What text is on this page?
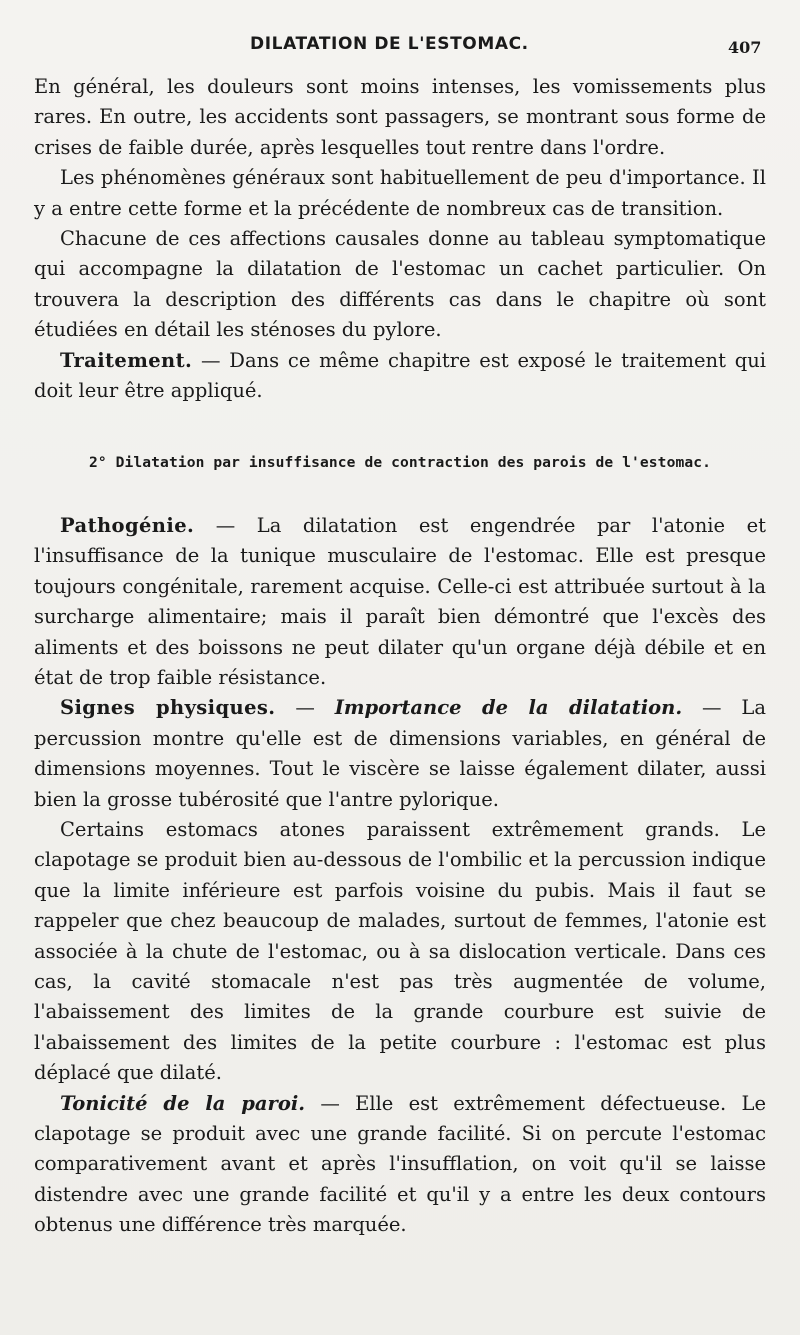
DILATATION DE L'ESTOMAC.	407

En général, les douleurs sont moins intenses, les vomissements plus rares. En outre, les accidents sont passagers, se montrant sous forme de crises de faible durée, après lesquelles tout rentre dans l'ordre.

Les phénomènes généraux sont habituellement de peu d'importance. Il y a entre cette forme et la précédente de nombreux cas de transition.

Chacune de ces affections causales donne au tableau symptomatique qui accompagne la dilatation de l'estomac un cachet particulier. On trouvera la description des différents cas dans le chapitre où sont étudiées en détail les sténoses du pylore.

Traitement. — Dans ce même chapitre est exposé le traitement qui doit leur être appliqué.

2° Dilatation par insuffisance de contraction des parois de l'estomac.

Pathogénie. — La dilatation est engendrée par l'atonie et l'insuffisance de la tunique musculaire de l'estomac. Elle est presque toujours congénitale, rarement acquise. Celle-ci est attribuée surtout à la surcharge alimentaire; mais il paraît bien démontré que l'excès des aliments et des boissons ne peut dilater qu'un organe déjà débile et en état de trop faible résistance.

Signes physiques. — Importance de la dilatation. — La percussion montre qu'elle est de dimensions variables, en général de dimensions moyennes. Tout le viscère se laisse également dilater, aussi bien la grosse tubérosité que l'antre pylorique.

Certains estomacs atones paraissent extrêmement grands. Le clapotage se produit bien au-dessous de l'ombilic et la percussion indique que la limite inférieure est parfois voisine du pubis. Mais il faut se rappeler que chez beaucoup de malades, surtout de femmes, l'atonie est associée à la chute de l'estomac, ou à sa dislocation verticale. Dans ces cas, la cavité stomacale n'est pas très augmentée de volume, l'abaissement des limites de la grande courbure est suivie de l'abaissement des limites de la petite courbure : l'estomac est plus déplacé que dilaté.

Tonicité de la paroi. — Elle est extrêmement défectueuse. Le clapotage se produit avec une grande facilité. Si on percute l'estomac comparativement avant et après l'insufflation, on voit qu'il se laisse distendre avec une grande facilité et qu'il y a entre les deux contours obtenus une différence très marquée.
